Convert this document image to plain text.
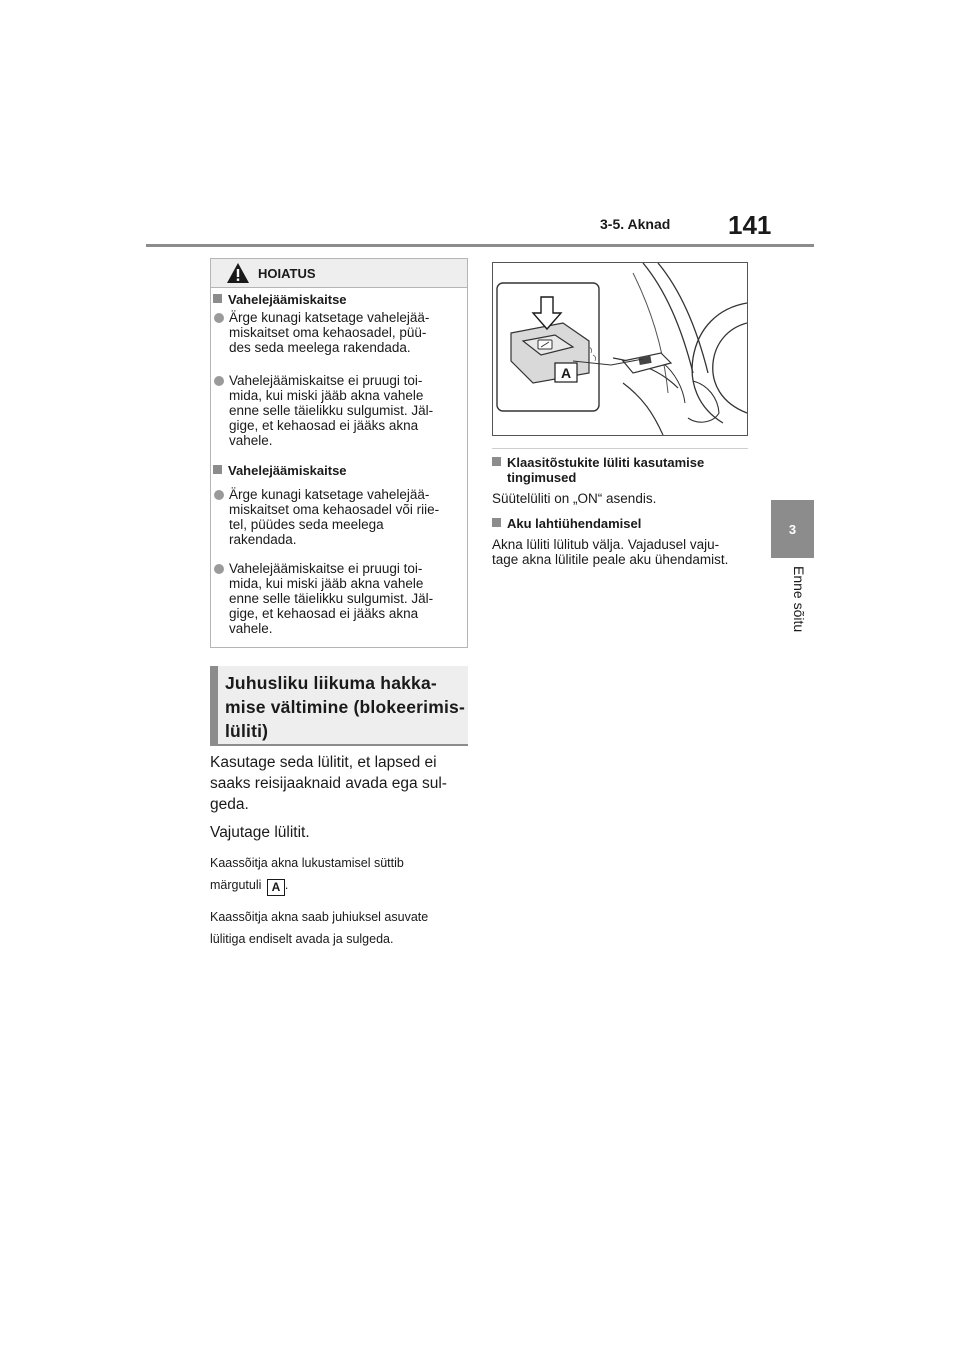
3-5. Aknad 141
3
Enne sõitu
HOIATUS
Vahelejäämiskaitse
Ärge kunagi katsetage vahelejää-
miskaitset oma kehaosadel, püü-
des seda meelega rakendada.
Vahelejäämiskaitse ei pruugi toi-
mida, kui miski jääb akna vahele
enne selle täielikku sulgumist. Jäl-
gige, et kehaosad ei jääks akna
vahele.
Vahelejäämiskaitse
Ärge kunagi katsetage vahelejää-
miskaitset oma kehaosadel või riie-
tel, püüdes seda meelega
rakendada.
Vahelejäämiskaitse ei pruugi toi-
mida, kui miski jääb akna vahele
enne selle täielikku sulgumist. Jäl-
gige, et kehaosad ei jääks akna
vahele.
Juhusliku liikuma hakka-
mise vältimine (blokeerimis-
lüliti)
Kasutage seda lülitit, et lapsed ei
saaks reisijaaknaid avada ega sul-
geda.
Vajutage lülitit.
Kaassõitja akna lukustamisel süttib
märgutuli A .
Kaassõitja akna saab juhiuksel asuvate
lülitiga endiselt avada ja sulgeda.
A
Klaasitõstukite lüliti kasutamise
tingimused
Süütelüliti on „ON“ asendis.
Aku lahtiühendamisel
Akna lüliti lülitub välja. Vajadusel vaju-
tage akna lülitile peale aku ühendamist.
